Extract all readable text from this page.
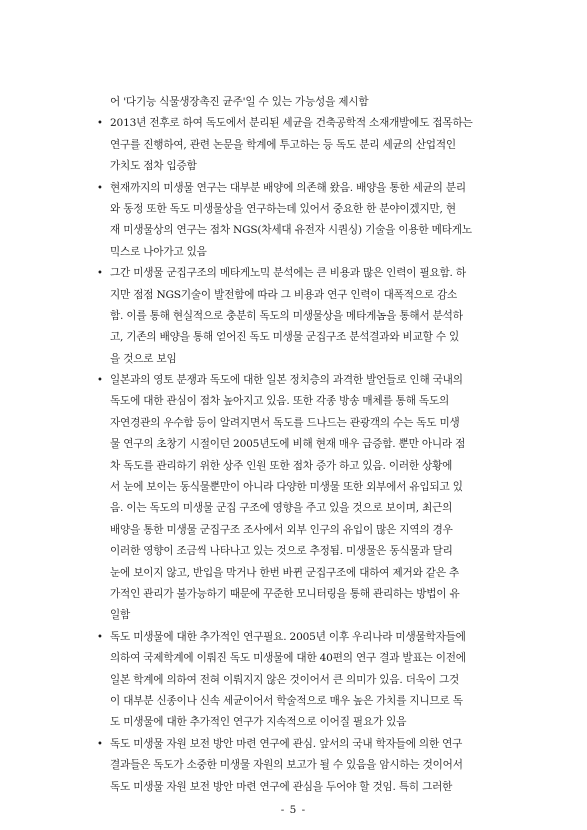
어 '다기능 식물생장촉진 균주'일 수 있는 가능성을 제시함
• 2013년 전후로 하여 독도에서 분리된 세균을 건축공학적 소재개발에도 접목하는
연구를 진행하여, 관련 논문을 학계에 투고하는 등 독도 분리 세균의 산업적인
가치도 점차 입증함
• 현재까지의 미생물 연구는 대부분 배양에 의존해 왔음. 배양을 통한 세균의 분리
와 동정 또한 독도 미생물상을 연구하는데 있어서 중요한 한 분야이겠지만, 현
재 미생물상의 연구는 점차 NGS(차세대 유전자 시퀀싱) 기술을 이용한 메타게노
믹스로 나아가고 있음
• 그간 미생물 군집구조의 메타게노믹 분석에는 큰 비용과 많은 인력이 필요함. 하
지만 점점 NGS기술이 발전함에 따라 그 비용과 연구 인력이 대폭적으로 감소
함. 이를 통해 현실적으로 충분히 독도의 미생물상을 메타게놈을 통해서 분석하
고, 기존의 배양을 통해 얻어진 독도 미생물 군집구조 분석결과와 비교할 수 있
을 것으로 보임
• 일본과의 영토 분쟁과 독도에 대한 일본 정치층의 과격한 발언들로 인해 국내의
독도에 대한 관심이 점차 높아지고 있음. 또한 각종 방송 매체를 통해 독도의
자연경관의 우수함 등이 알려지면서 독도를 드나드는 관광객의 수는 독도 미생
물 연구의 초창기 시절이던 2005년도에 비해 현재 매우 급증함. 뿐만 아니라 점
차 독도를 관리하기 위한 상주 인원 또한 점차 증가 하고 있음. 이러한 상황에
서 눈에 보이는 동식물뿐만이 아니라 다양한 미생물 또한 외부에서 유입되고 있
음. 이는 독도의 미생물 군집 구조에 영향을 주고 있을 것으로 보이며, 최근의
배양을 통한 미생물 군집구조 조사에서 외부 인구의 유입이 많은 지역의 경우
이러한 영향이 조금씩 나타나고 있는 것으로 추정됨. 미생물은 동식물과 달리
눈에 보이지 않고, 반입을 막거나 한번 바뀐 군집구조에 대하여 제거와 같은 추
가적인 관리가 불가능하기 때문에 꾸준한 모니터링을 통해 관리하는 방법이 유
일함
• 독도 미생물에 대한 추가적인 연구필요. 2005년 이후 우리나라 미생물학자들에
의하여 국제학계에 이뤄진 독도 미생물에 대한 40편의 연구 결과 발표는 이전에
일본 학계에 의하여 전혀 이뤄지지 않은 것이어서 큰 의미가 있음. 더욱이 그것
이 대부분 신종이나 신속 세균이어서 학술적으로 매우 높은 가치를 지니므로 독
도 미생물에 대한 추가적인 연구가 지속적으로 이어질 필요가 있음
• 독도 미생물 자원 보전 방안 마련 연구에 관심. 앞서의 국내 학자들에 의한 연구
결과들은 독도가 소중한 미생물 자원의 보고가 될 수 있음을 암시하는 것이어서
독도 미생물 자원 보전 방안 마련 연구에 관심을 두어야 할 것임. 특히 그러한
- 5 -
